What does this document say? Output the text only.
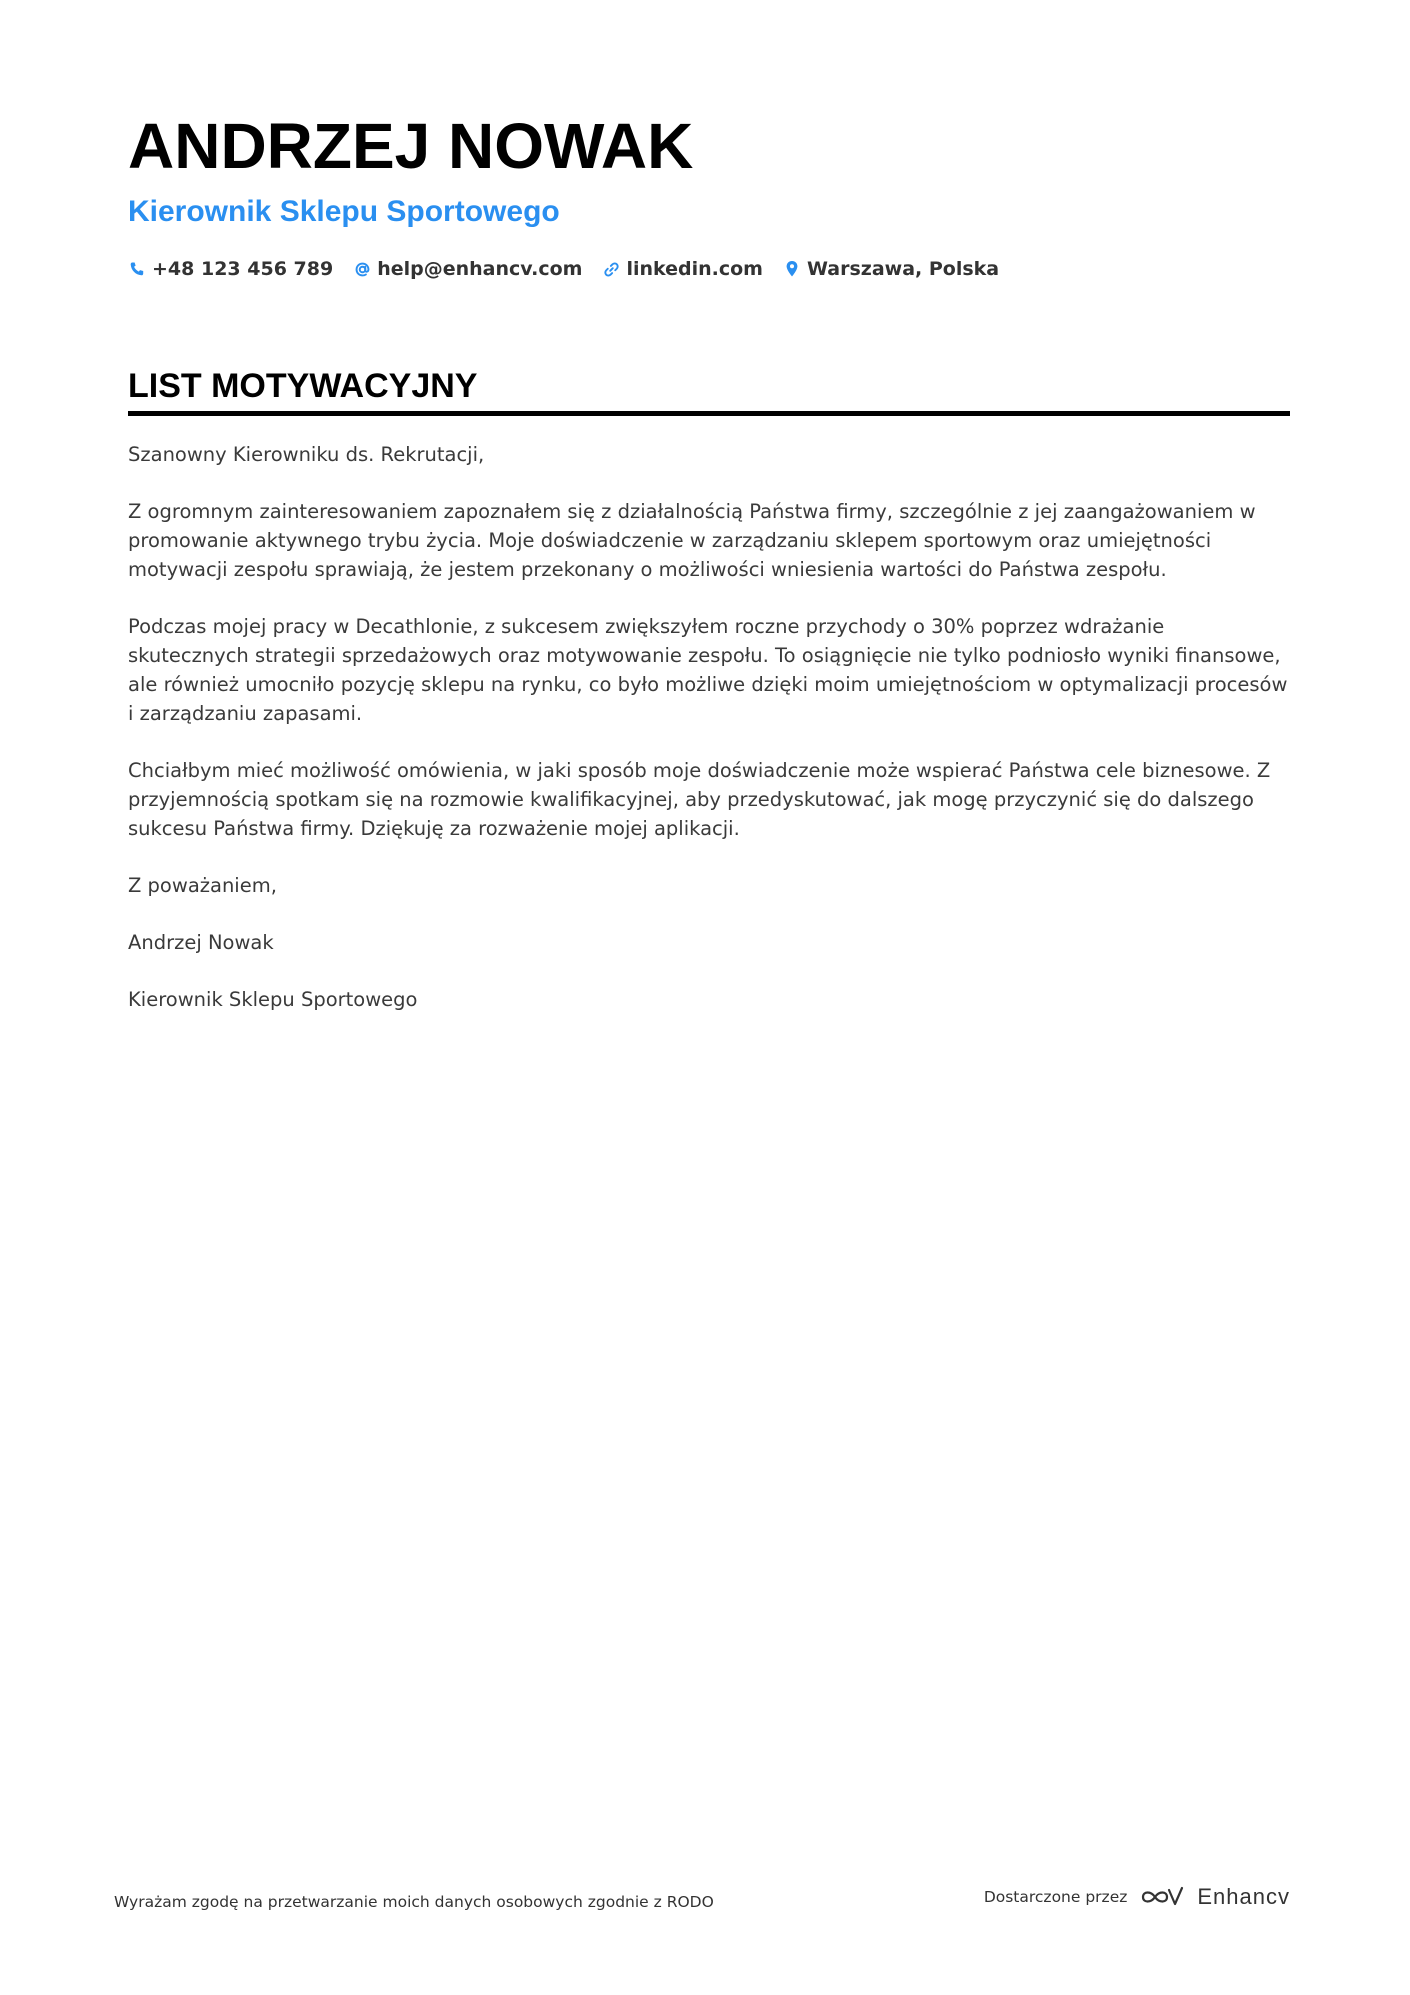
ANDRZEJ NOWAK
Kierownik Sklepu Sportowego
+48 123 456 789 help@enhancv.com linkedin.com Warszawa, Polska
LIST MOTYWACYJNY

Szanowny Kierowniku ds. Rekrutacji,

Z ogromnym zainteresowaniem zapoznałem się z działalnością Państwa firmy, szczególnie z jej zaangażowaniem w promowanie aktywnego trybu życia. Moje doświadczenie w zarządzaniu sklepem sportowym oraz umiejętności motywacji zespołu sprawiają, że jestem przekonany o możliwości wniesienia wartości do Państwa zespołu.

Podczas mojej pracy w Decathlonie, z sukcesem zwiększyłem roczne przychody o 30% poprzez wdrażanie skutecznych strategii sprzedażowych oraz motywowanie zespołu. To osiągnięcie nie tylko podniosło wyniki finansowe, ale również umocniło pozycję sklepu na rynku, co było możliwe dzięki moim umiejętnościom w optymalizacji procesów i zarządzaniu zapasami.

Chciałbym mieć możliwość omówienia, w jaki sposób moje doświadczenie może wspierać Państwa cele biznesowe. Z przyjemnością spotkam się na rozmowie kwalifikacyjnej, aby przedyskutować, jak mogę przyczynić się do dalszego sukcesu Państwa firmy. Dziękuję za rozważenie mojej aplikacji.

Z poważaniem,

Andrzej Nowak

Kierownik Sklepu Sportowego

Wyrażam zgodę na przetwarzanie moich danych osobowych zgodnie z RODO	Dostarczone przez	Enhancv
